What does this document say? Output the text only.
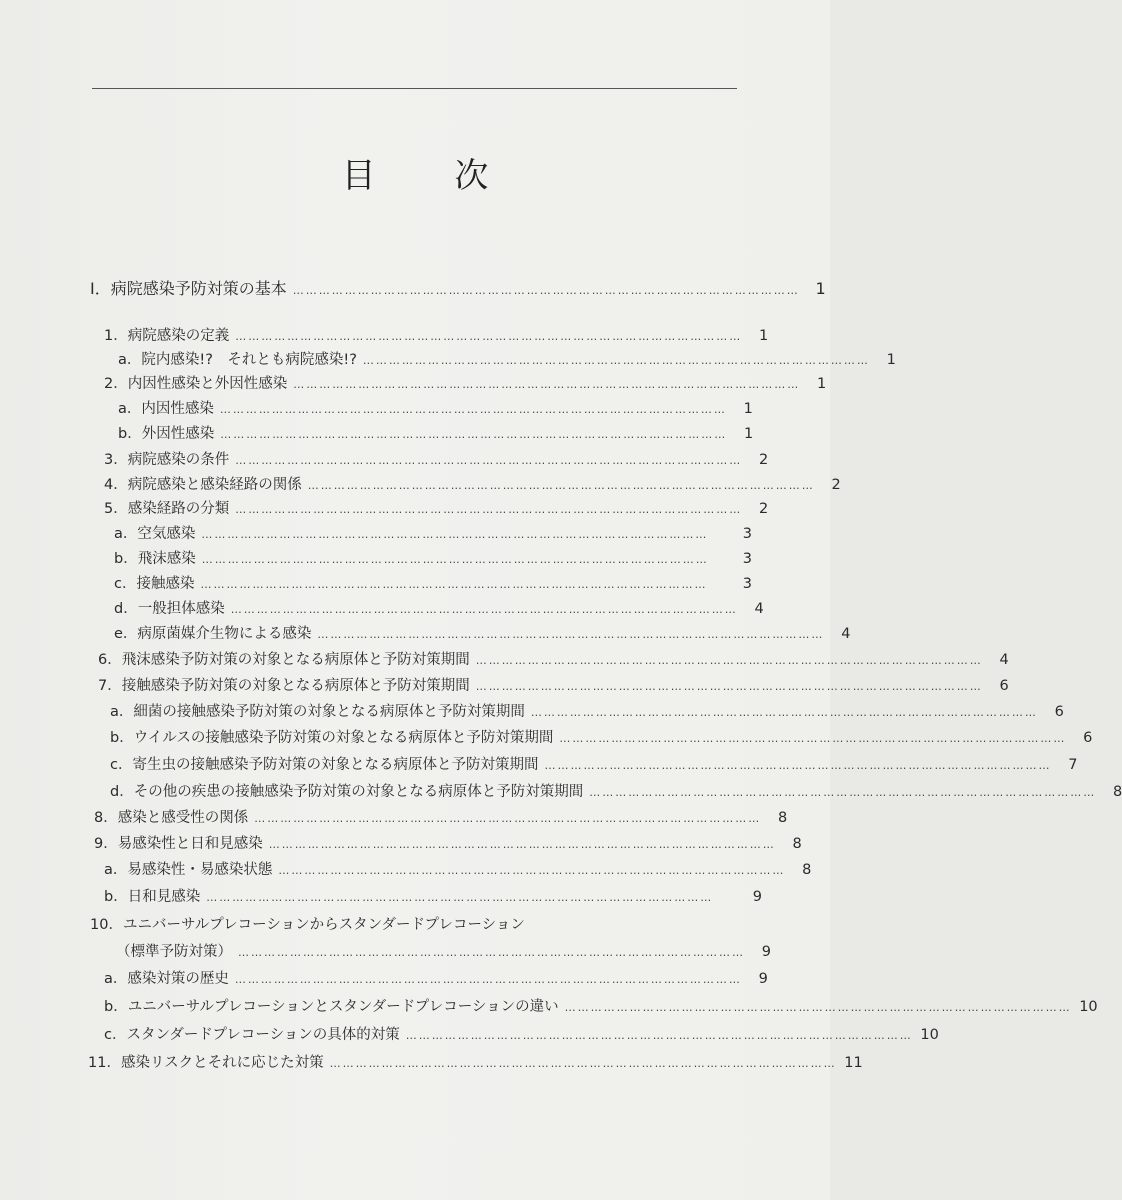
目 次
I．病院感染予防対策の基本 ……………………………………………………………………………………………………… 1
1．病院感染の定義 ………………………………………………………………………………………………………	1
a．院内感染!?　それとも病院感染!? ………………………………………………………………………………………………………	1
2．内因性感染と外因性感染 ………………………………………………………………………………………………………	1
a．内因性感染 ………………………………………………………………………………………………………	1
b．外因性感染 ………………………………………………………………………………………………………	1
3．病院感染の条件 ………………………………………………………………………………………………………	2
4．病院感染と感染経路の関係 ………………………………………………………………………………………………………	2
5．感染経路の分類 ………………………………………………………………………………………………………	2
a．空気感染 ………………………………………………………………………………………………………	3
b．飛沫感染 ………………………………………………………………………………………………………	3
c．接触感染 ………………………………………………………………………………………………………	3
d．一般担体感染 ………………………………………………………………………………………………………	4
e．病原菌媒介生物による感染 ………………………………………………………………………………………………………	4
6．飛沫感染予防対策の対象となる病原体と予防対策期間 ………………………………………………………………………………………………………	4
7．接触感染予防対策の対象となる病原体と予防対策期間 ………………………………………………………………………………………………………	6
a．細菌の接触感染予防対策の対象となる病原体と予防対策期間 ………………………………………………………………………………………………………	6
b．ウイルスの接触感染予防対策の対象となる病原体と予防対策期間 ………………………………………………………………………………………………………	6
c．寄生虫の接触感染予防対策の対象となる病原体と予防対策期間 ………………………………………………………………………………………………………	7
d．その他の疾患の接触感染予防対策の対象となる病原体と予防対策期間 ………………………………………………………………………………………………………	8
8．感染と感受性の関係 ………………………………………………………………………………………………………	8
9．易感染性と日和見感染 ………………………………………………………………………………………………………	8
a．易感染性・易感染状態 ………………………………………………………………………………………………………	8
b．日和見感染 ………………………………………………………………………………………………………	9
10．ユニバーサルプレコーションからスタンダードプレコーション
（標準予防対策） ………………………………………………………………………………………………………	9
a．感染対策の歴史 ………………………………………………………………………………………………………	9
b．ユニバーサルプレコーションとスタンダードプレコーションの違い ……………………………………………………………………………………………………… 10
c．スタンダードプレコーションの具体的対策 ……………………………………………………………………………………………………… 10
11．感染リスクとそれに応じた対策 ……………………………………………………………………………………………………… 11
